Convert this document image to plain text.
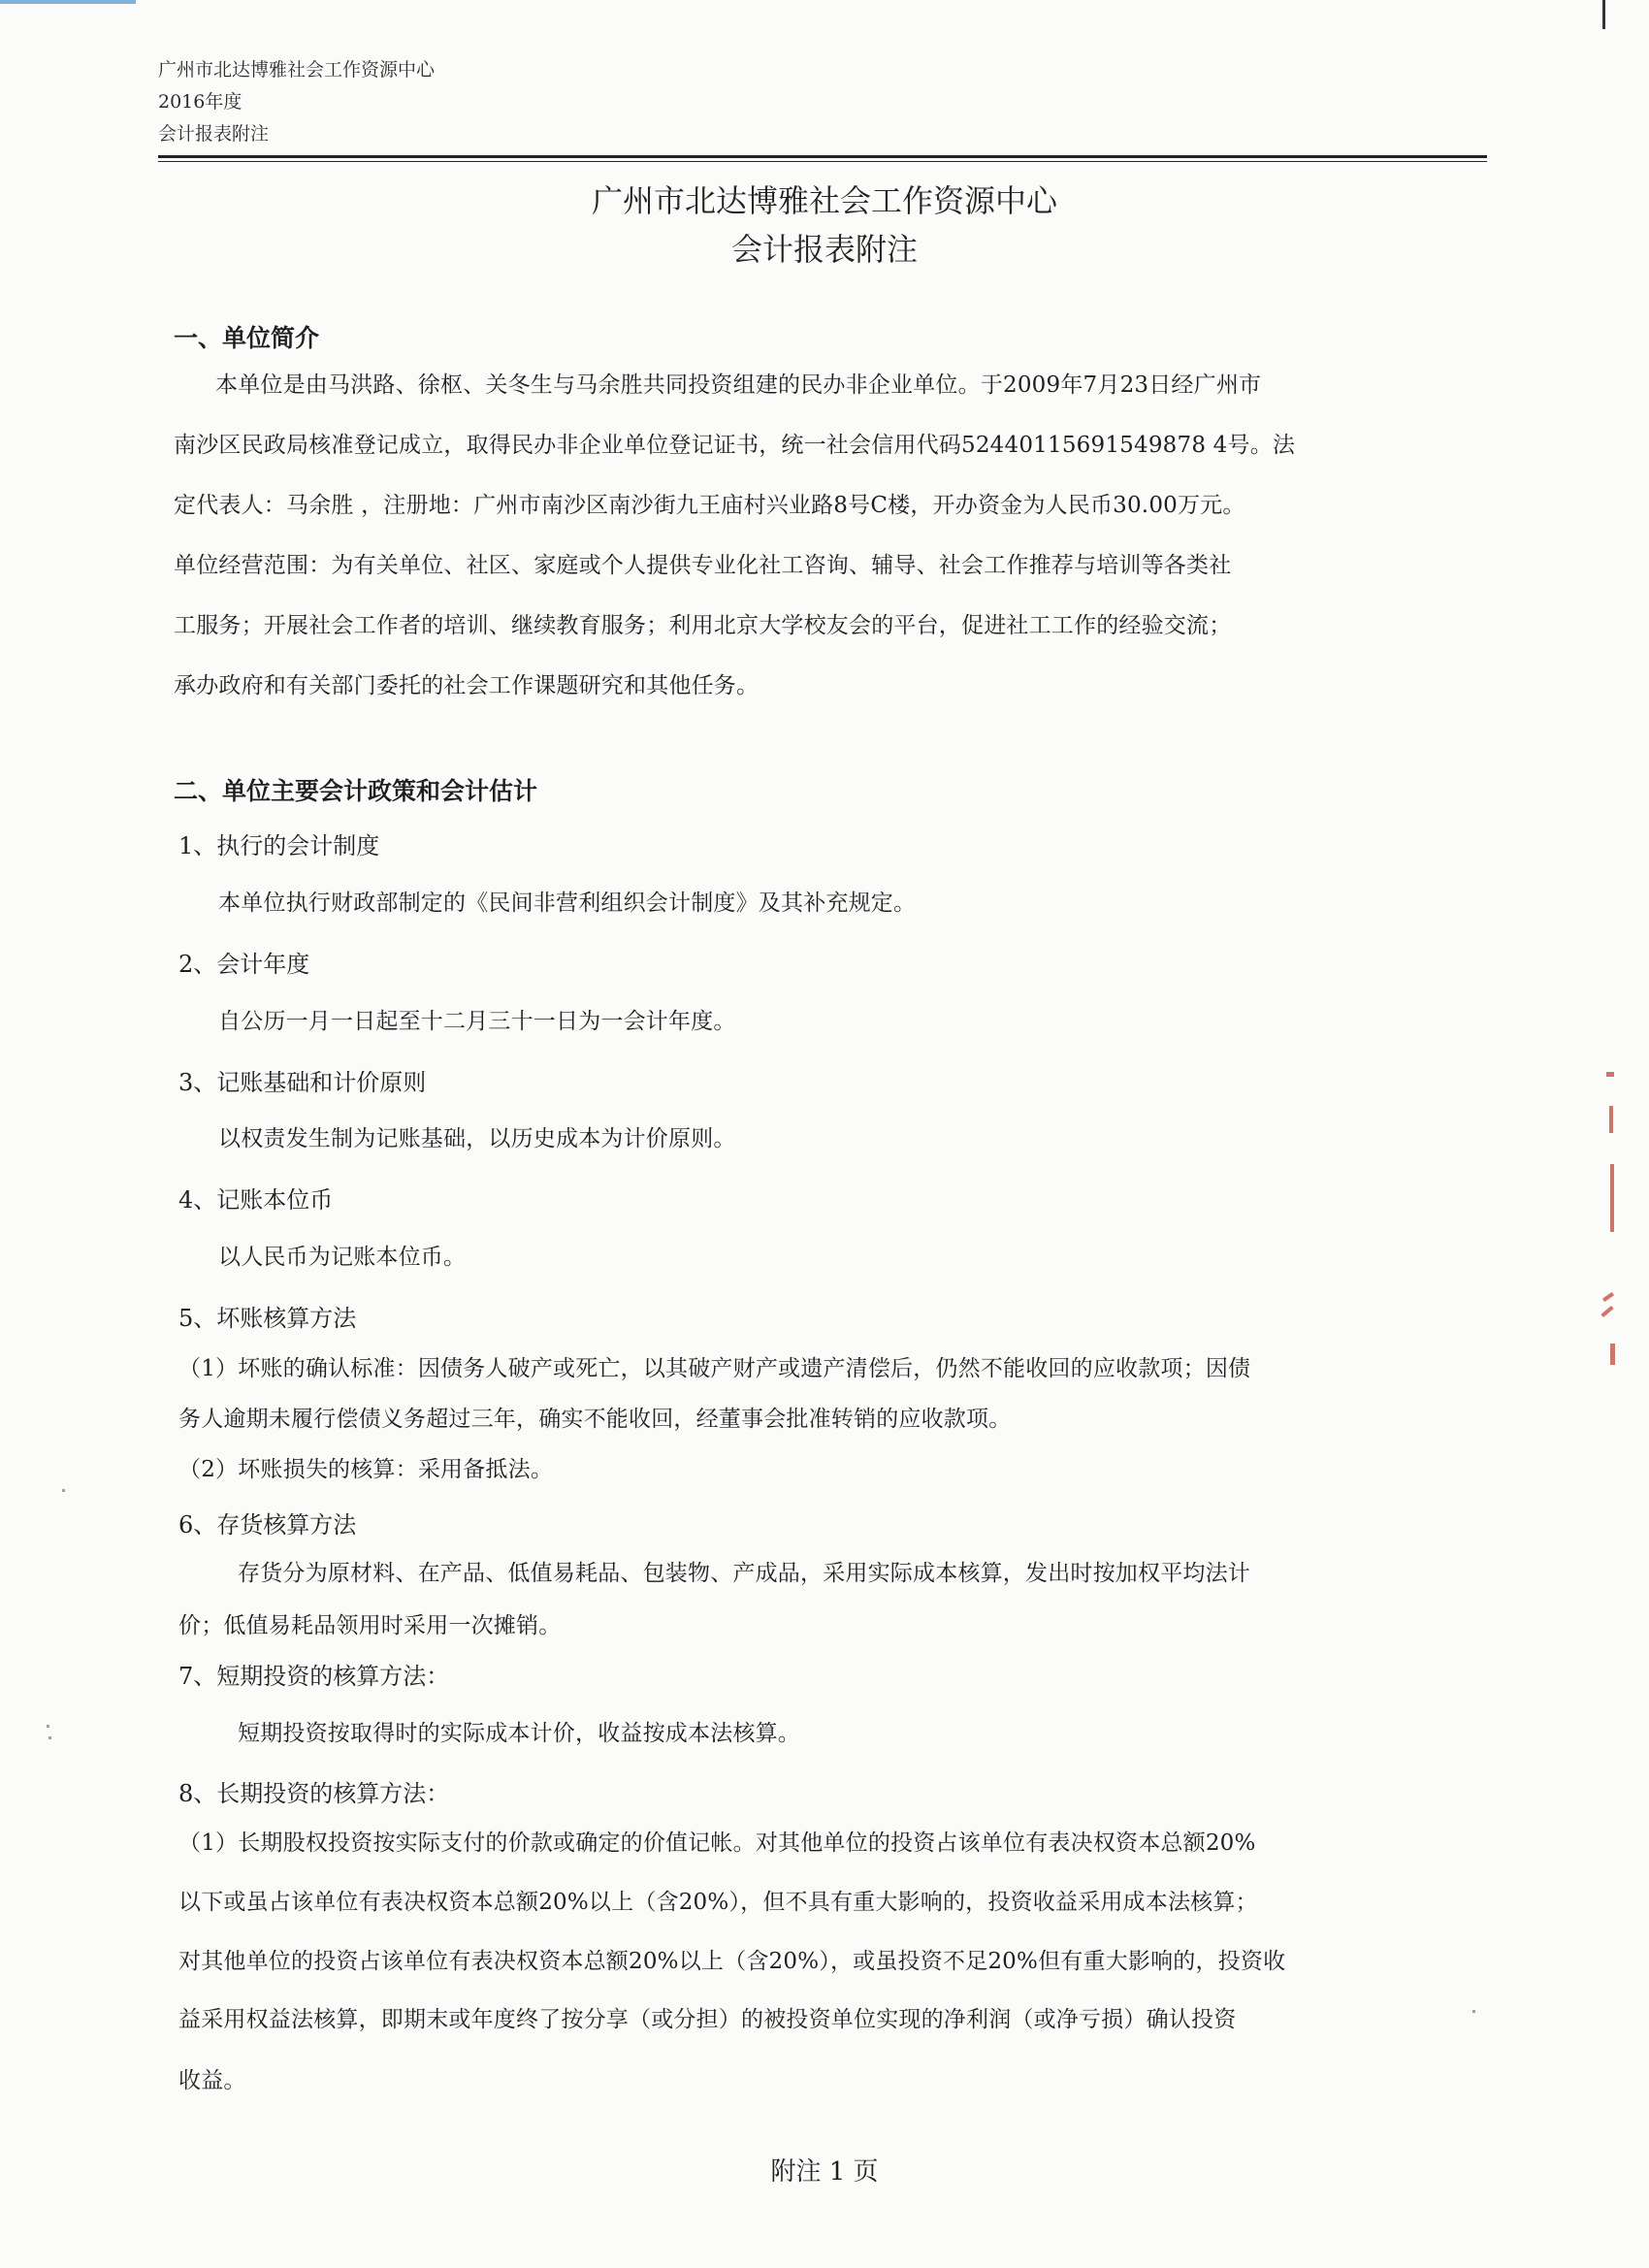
广州市北达博雅社会工作资源中心
2016年度
会计报表附注
广州市北达博雅社会工作资源中心
会计报表附注
一、单位简介
本单位是由马洪路、徐枢、关冬生与马余胜共同投资组建的民办非企业单位。于2009年7月23日经广州市
南沙区民政局核准登记成立，取得民办非企业单位登记证书，统一社会信用代码52440115691549878 4号。法
定代表人：马余胜 ，注册地：广州市南沙区南沙街九王庙村兴业路8号C楼，开办资金为人民币30.00万元。
单位经营范围：为有关单位、社区、家庭或个人提供专业化社工咨询、辅导、社会工作推荐与培训等各类社
工服务；开展社会工作者的培训、继续教育服务；利用北京大学校友会的平台，促进社工工作的经验交流；
承办政府和有关部门委托的社会工作课题研究和其他任务。
二、单位主要会计政策和会计估计
1、执行的会计制度
本单位执行财政部制定的《民间非营利组织会计制度》及其补充规定。
2、会计年度
自公历一月一日起至十二月三十一日为一会计年度。
3、记账基础和计价原则
以权责发生制为记账基础，以历史成本为计价原则。
4、记账本位币
以人民币为记账本位币。
5、坏账核算方法
（1）坏账的确认标准：因债务人破产或死亡，以其破产财产或遗产清偿后，仍然不能收回的应收款项；因债
务人逾期未履行偿债义务超过三年，确实不能收回，经董事会批准转销的应收款项。
（2）坏账损失的核算：采用备抵法。
6、存货核算方法
存货分为原材料、在产品、低值易耗品、包装物、产成品，采用实际成本核算，发出时按加权平均法计
价；低值易耗品领用时采用一次摊销。
7、短期投资的核算方法：
短期投资按取得时的实际成本计价，收益按成本法核算。
8、长期投资的核算方法：
（1）长期股权投资按实际支付的价款或确定的价值记帐。对其他单位的投资占该单位有表决权资本总额20%
以下或虽占该单位有表决权资本总额20%以上（含20%），但不具有重大影响的，投资收益采用成本法核算；
对其他单位的投资占该单位有表决权资本总额20%以上（含20%），或虽投资不足20%但有重大影响的，投资收
益采用权益法核算，即期末或年度终了按分享（或分担）的被投资单位实现的净利润（或净亏损）确认投资
收益。
附注 1 页
